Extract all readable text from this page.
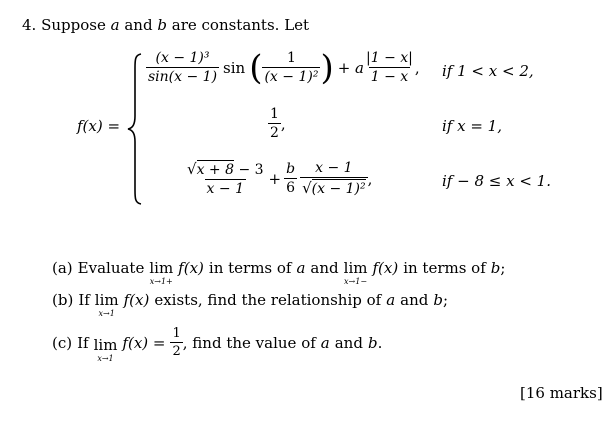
4. Suppose a and b are constants. Let
f(x) =
$\frac{\text{(x − 1)³}}{\sin(x - 1)}$ sin ( $\frac{1}{\text{(x − 1)²}}$ ) + a $\frac{|1 - x|}{1 - x}$ , if 1 < x < 2,
$\frac{1}{2}$ ,	if x = 1,
$\frac{√x + 8 - 3}{x - 1} + \frac{b}{6} \frac{x - 1}{\text{√(x − 1)²}}$ ,	if − 8 ≤ x < 1.
(a) Evaluate lim
x→1+
f(x) in terms of a and lim
x→1−
f(x) in terms of b;
(b) If lim
x→1
f(x) exists, find the relationship of a and b;
(c) If lim
x→1
$f(x) = \frac{1}{2}$ , find the value of a and b.
[16 marks]
